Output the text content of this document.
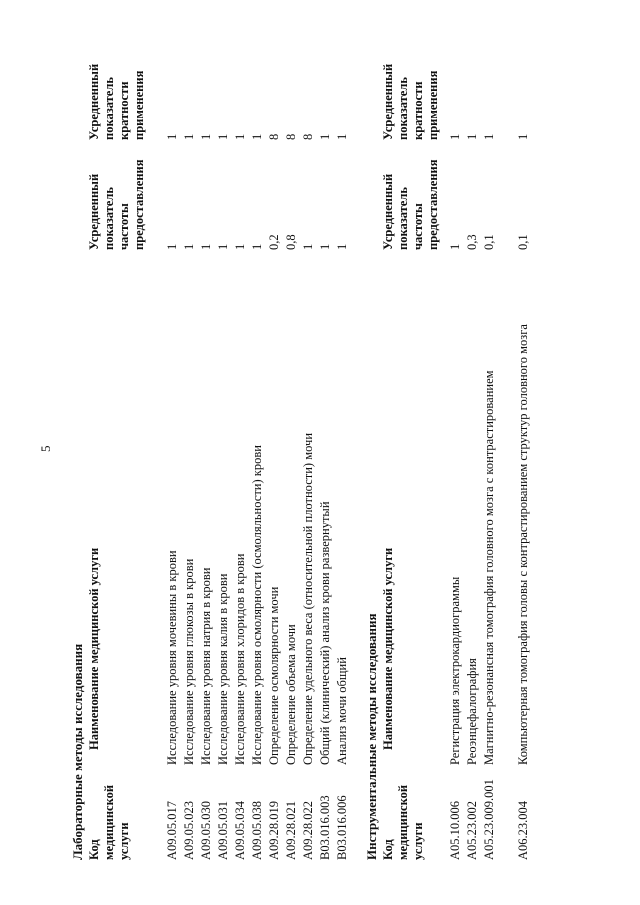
5
Лабораторные методы исследования Код
медицинской
услуги
Наименование медицинской услуги
Усредненный
показатель
частоты
предоставления
Усредненный
показатель
кратности
применения
A09.05.017
Исследование уровня мочевины в крови
1
1
A09.05.023
Исследование уровня глюкозы в крови
1
1
A09.05.030
Исследование уровня натрия в крови
1
1
A09.05.031
Исследование уровня калия в крови
1
1
A09.05.034
Исследование уровня хлоридов в крови
1
1
A09.05.038
Исследование уровня осмолярности (осмоляльности) крови
1
1
A09.28.019
Определение осмолярности мочи
0,2
8
A09.28.021
Определение объема мочи
0,8
8
A09.28.022
Определение удельного веса (относительной плотности) мочи
1
8
B03.016.003
Общий (клинический) анализ крови развернутый
1
1
B03.016.006
Анализ мочи общий
1
1
Инструментальные методы исследования Код
медицинской
услуги
Наименование медицинской услуги
Усредненный
показатель
частоты
предоставления
Усредненный
показатель
кратности
применения
A05.10.006
Регистрация электрокардиограммы
1
1
A05.23.002
Реоэнцефалография
0,3
1
A05.23.009.001
Магнитно-резонансная томография головного мозга с контрастированием
0,1
1
A06.23.004
Компьютерная томография головы с контрастированием структур головного мозга
0,1
1
